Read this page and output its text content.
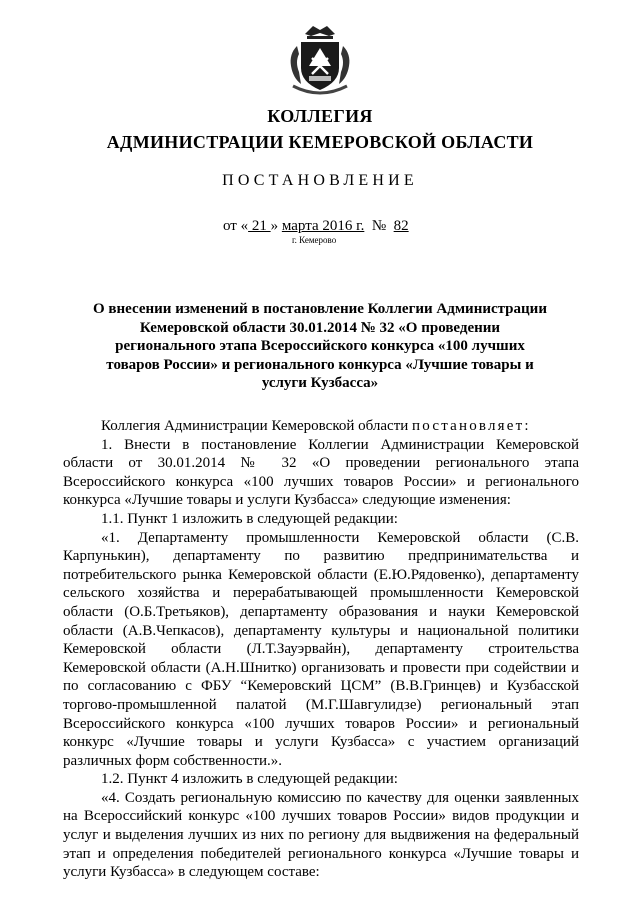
КОЛЛЕГИЯ
АДМИНИСТРАЦИИ КЕМЕРОВСКОЙ ОБЛАСТИ
ПОСТАНОВЛЕНИЕ
от « 21 » марта 2016 г.  №  82
г. Кемерово
О внесении изменений в постановление Коллегии Администрации Кемеровской области 30.01.2014 № 32 «О проведении регионального этапа Всероссийского конкурса «100 лучших товаров России» и регионального конкурса «Лучшие товары и услуги Кузбасса»

Коллегия Администрации Кемеровской области постановляет:

1. Внести в постановление Коллегии Администрации Кемеровской области от 30.01.2014 № 32 «О проведении регионального этапа Всероссийского конкурса «100 лучших товаров России» и регионального конкурса «Лучшие товары и услуги Кузбасса» следующие изменения:

1.1. Пункт 1 изложить в следующей редакции:

«1. Департаменту промышленности Кемеровской области (С.В. Карпунькин), департаменту по развитию предпринимательства и потребительского рынка Кемеровской области (Е.Ю.Рядовенко), департаменту сельского хозяйства и перерабатывающей промышленности Кемеровской области (О.Б.Третьяков), департаменту образования и науки Кемеровской области (А.В.Чепкасов), департаменту культуры и национальной политики Кемеровской области (Л.Т.Зауэрвайн), департаменту строительства Кемеровской области (А.Н.Шнитко) организовать и провести при содействии и по согласованию с ФБУ “Кемеровский ЦСМ” (В.В.Гринцев) и Кузбасской торгово-промышленной палатой (М.Г.Шавгулидзе) региональный этап Всероссийского конкурса «100 лучших товаров России» и региональный конкурс «Лучшие товары и услуги Кузбасса» с участием организаций различных форм собственности.».

1.2. Пункт 4 изложить в следующей редакции:

«4. Создать региональную комиссию по качеству для оценки заявленных на Всероссийский конкурс «100 лучших товаров России» видов продукции и услуг и выделения лучших из них по региону для выдвижения на федеральный этап и определения победителей регионального конкурса «Лучшие товары и услуги Кузбасса» в следующем составе:
